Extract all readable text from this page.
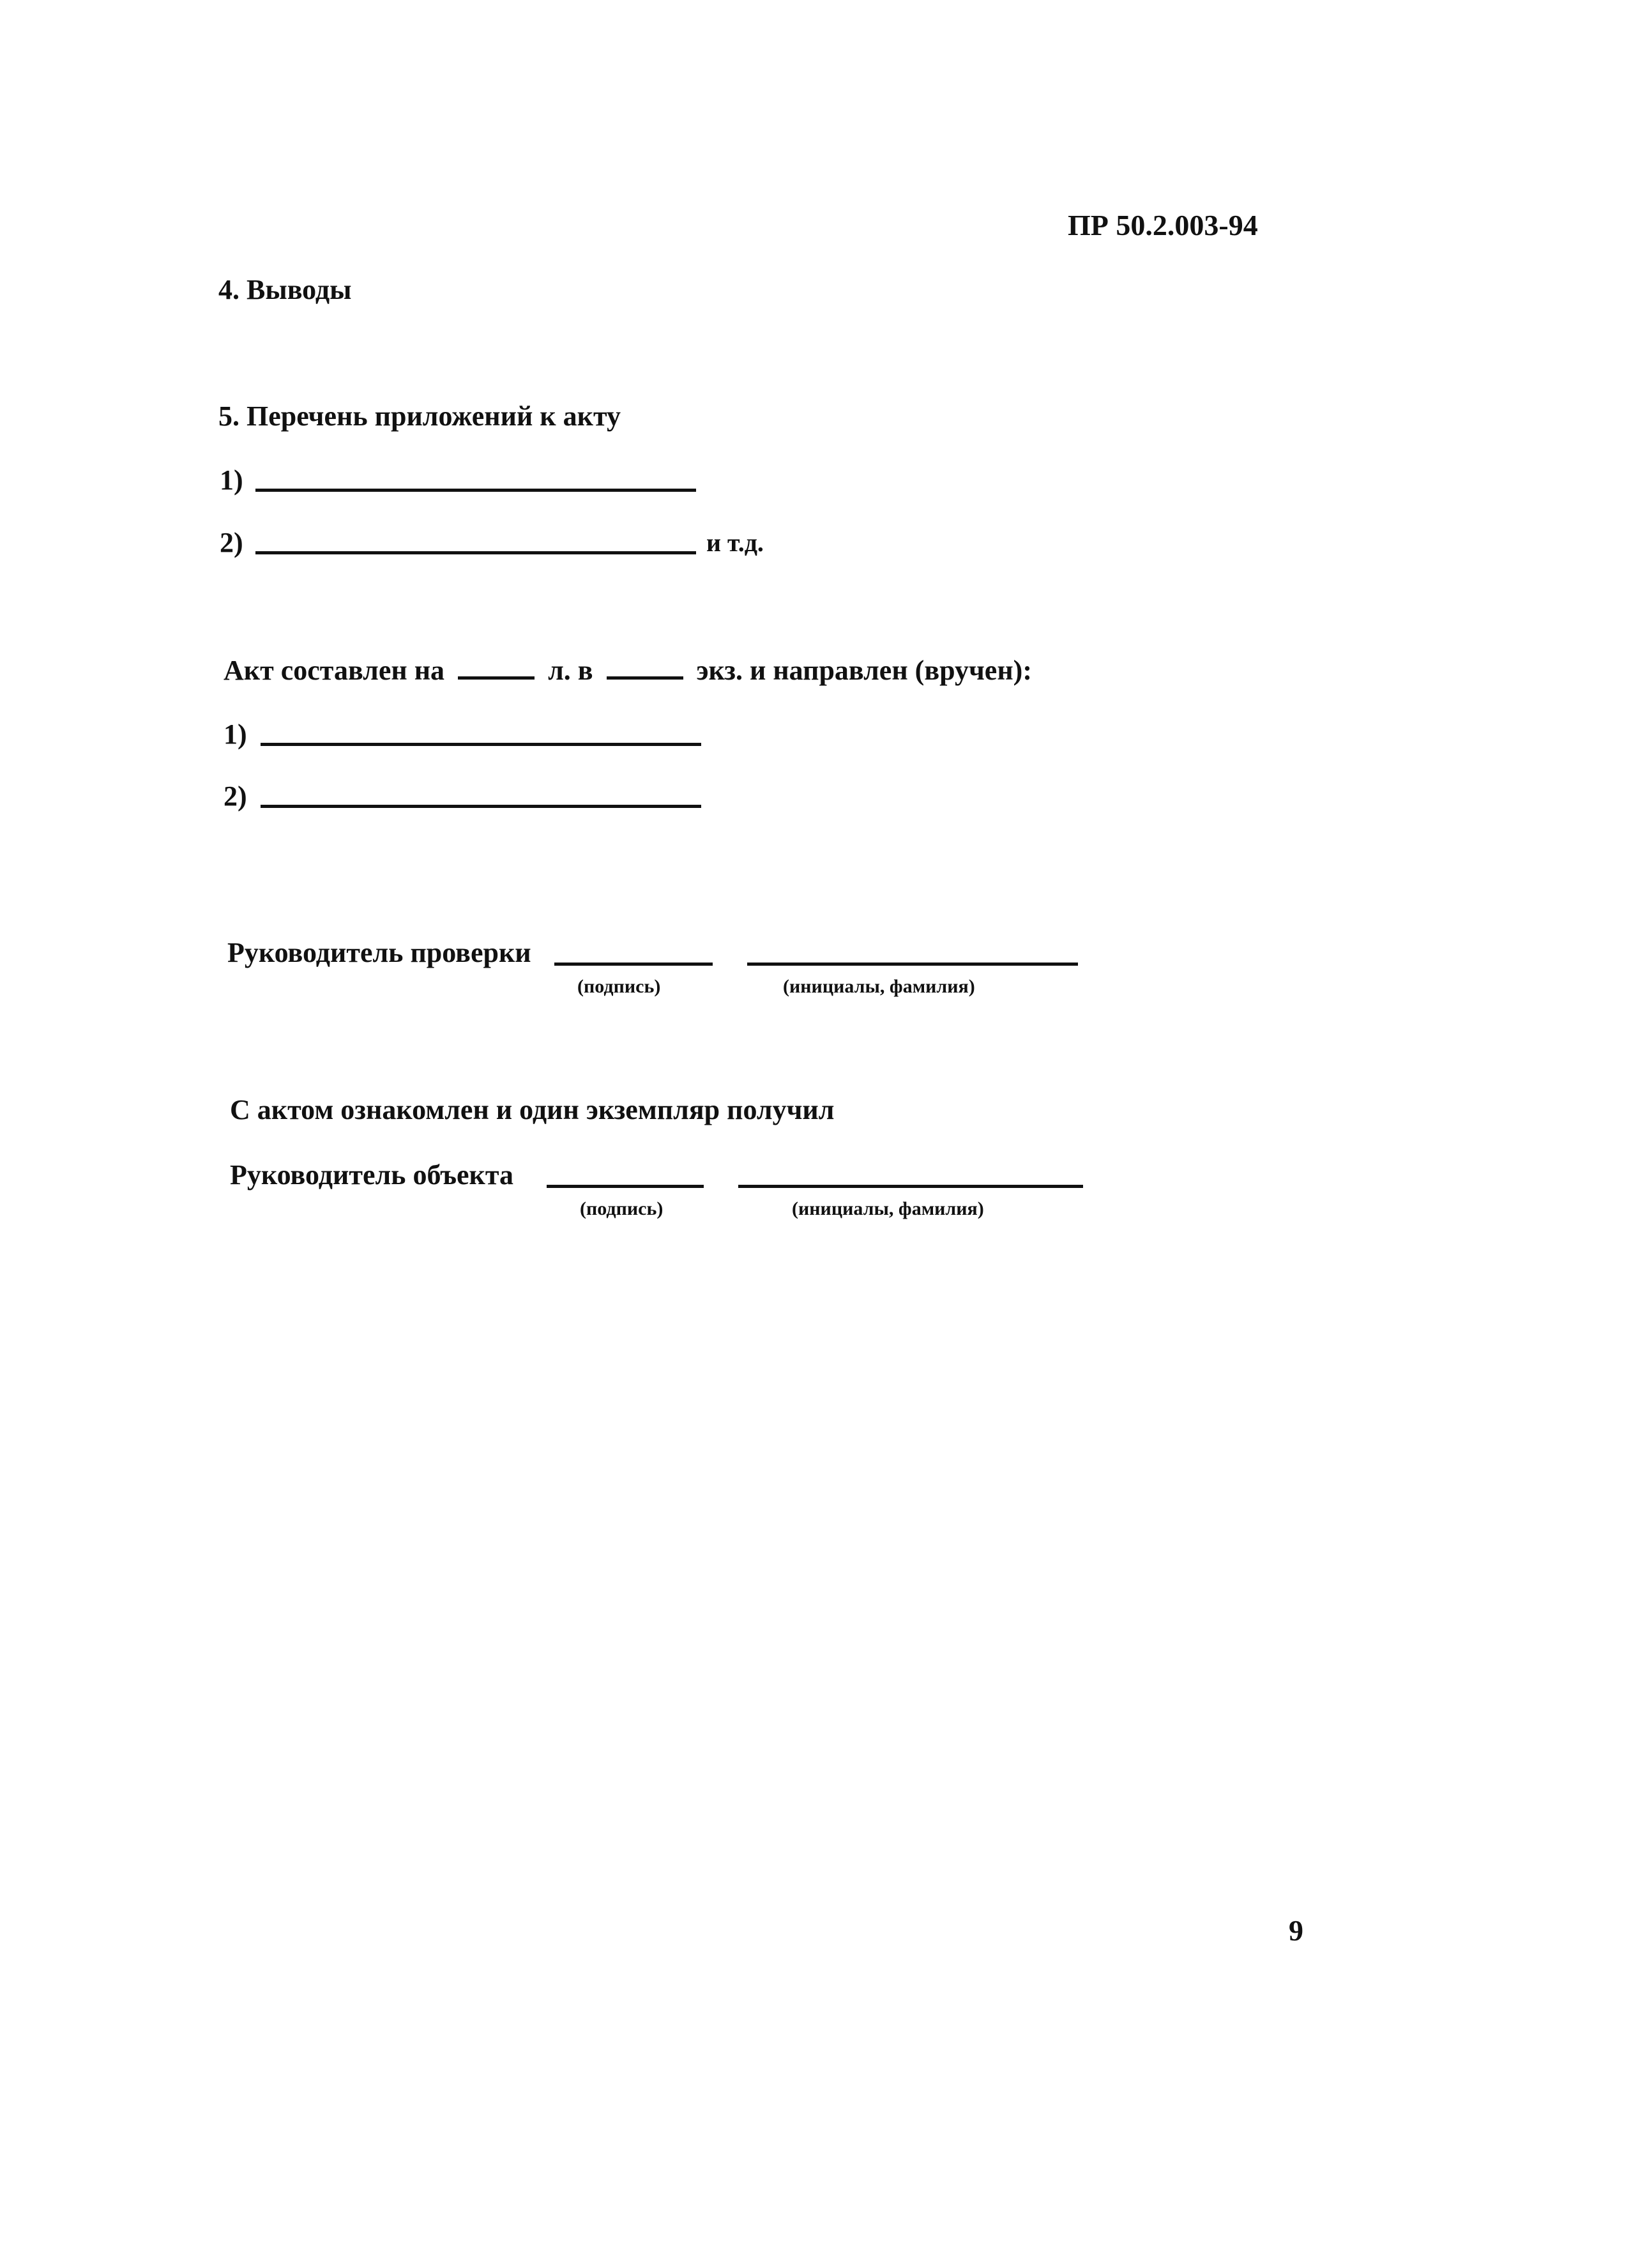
ПР 50.2.003-94
4. Выводы
5. Перечень приложений к акту
1)
2)	и т.д.
Акт составлен на	л. в	экз. и направлен (вручен):
1)
2)
Руководитель проверки
(подпись)	(инициалы, фамилия)
С актом ознакомлен и один экземпляр получил
Руководитель объекта
(подпись)	(инициалы, фамилия)
9
